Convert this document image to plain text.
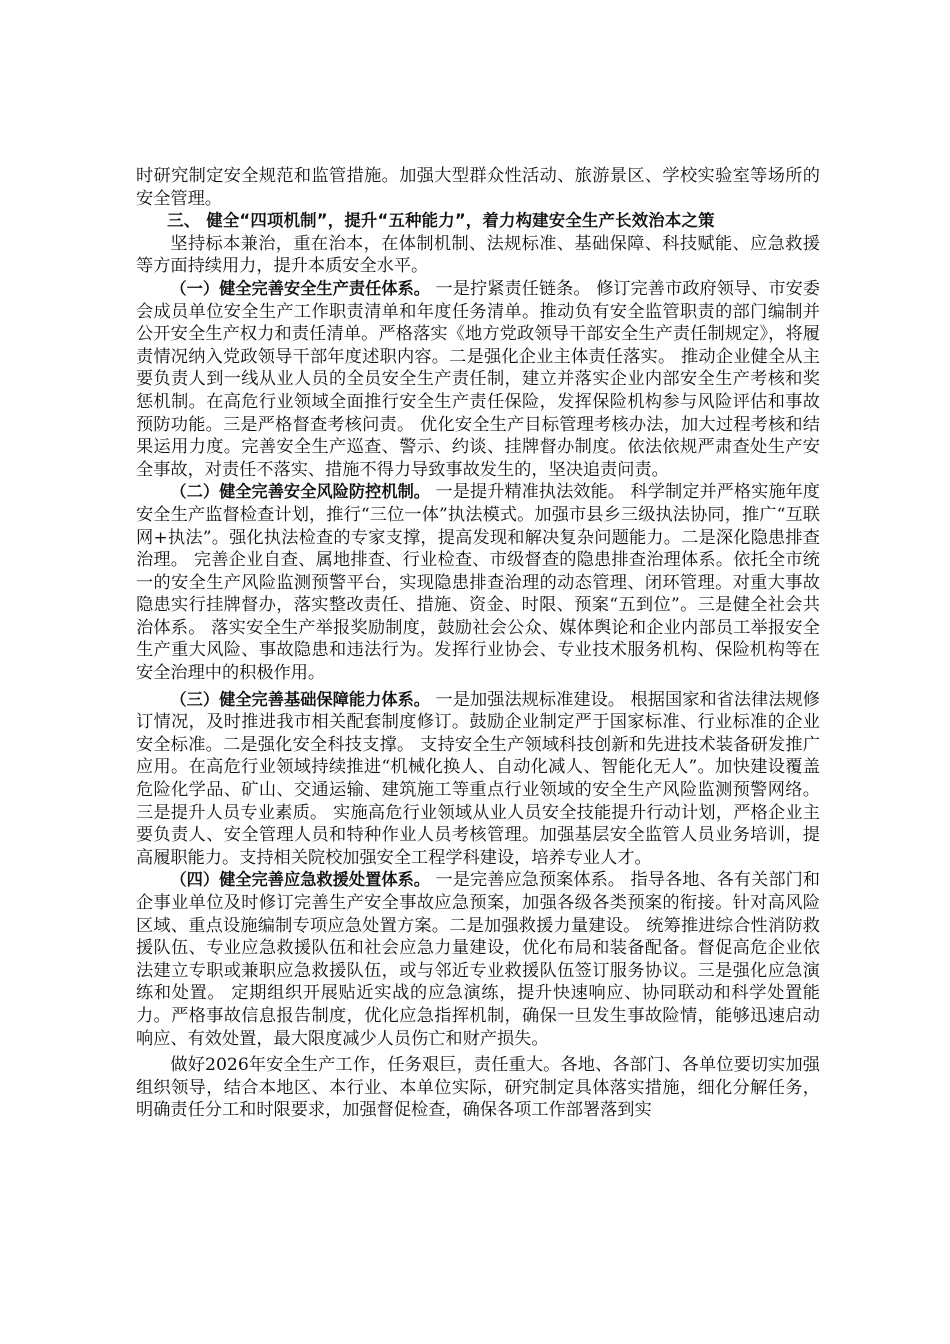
时研究制定安全规范和监管措施。加强大型群众性活动、旅游景区、学校实验室等场所的安全管理。

三、 健全“四项机制”，提升“五种能力”，着力构建安全生产长效治本之策

坚持标本兼治，重在治本，在体制机制、法规标准、基础保障、科技赋能、应急救援等方面持续用力，提升本质安全水平。

（一）健全完善安全生产责任体系。 一是拧紧责任链条。 修订完善市政府领导、市安委会成员单位安全生产工作职责清单和年度任务清单。推动负有安全监管职责的部门编制并公开安全生产权力和责任清单。严格落实《地方党政领导干部安全生产责任制规定》，将履责情况纳入党政领导干部年度述职内容。二是强化企业主体责任落实。 推动企业健全从主要负责人到一线从业人员的全员安全生产责任制，建立并落实企业内部安全生产考核和奖惩机制。在高危行业领域全面推行安全生产责任保险，发挥保险机构参与风险评估和事故预防功能。三是严格督查考核问责。 优化安全生产目标管理考核办法，加大过程考核和结果运用力度。完善安全生产巡查、警示、约谈、挂牌督办制度。依法依规严肃查处生产安全事故，对责任不落实、措施不得力导致事故发生的，坚决追责问责。

（二）健全完善安全风险防控机制。 一是提升精准执法效能。 科学制定并严格实施年度安全生产监督检查计划，推行“三位一体”执法模式。加强市县乡三级执法协同，推广“互联网+执法”。强化执法检查的专家支撑，提高发现和解决复杂问题能力。二是深化隐患排查治理。 完善企业自查、属地排查、行业检查、市级督查的隐患排查治理体系。依托全市统一的安全生产风险监测预警平台，实现隐患排查治理的动态管理、闭环管理。对重大事故隐患实行挂牌督办，落实整改责任、措施、资金、时限、预案“五到位”。三是健全社会共治体系。 落实安全生产举报奖励制度，鼓励社会公众、媒体舆论和企业内部员工举报安全生产重大风险、事故隐患和违法行为。发挥行业协会、专业技术服务机构、保险机构等在安全治理中的积极作用。

（三）健全完善基础保障能力体系。 一是加强法规标准建设。 根据国家和省法律法规修订情况，及时推进我市相关配套制度修订。鼓励企业制定严于国家标准、行业标准的企业安全标准。二是强化安全科技支撑。 支持安全生产领域科技创新和先进技术装备研发推广应用。在高危行业领域持续推进“机械化换人、自动化减人、智能化无人”。加快建设覆盖危险化学品、矿山、交通运输、建筑施工等重点行业领域的安全生产风险监测预警网络。三是提升人员专业素质。 实施高危行业领域从业人员安全技能提升行动计划，严格企业主要负责人、安全管理人员和特种作业人员考核管理。加强基层安全监管人员业务培训，提高履职能力。支持相关院校加强安全工程学科建设，培养专业人才。

（四）健全完善应急救援处置体系。 一是完善应急预案体系。 指导各地、各有关部门和企事业单位及时修订完善生产安全事故应急预案，加强各级各类预案的衔接。针对高风险区域、重点设施编制专项应急处置方案。二是加强救援力量建设。 统筹推进综合性消防救援队伍、专业应急救援队伍和社会应急力量建设，优化布局和装备配备。督促高危企业依法建立专职或兼职应急救援队伍，或与邻近专业救援队伍签订服务协议。三是强化应急演练和处置。 定期组织开展贴近实战的应急演练，提升快速响应、协同联动和科学处置能力。严格事故信息报告制度，优化应急指挥机制，确保一旦发生事故险情，能够迅速启动响应、有效处置，最大限度减少人员伤亡和财产损失。

做好2026年安全生产工作，任务艰巨，责任重大。各地、各部门、各单位要切实加强组织领导，结合本地区、本行业、本单位实际，研究制定具体落实措施，细化分解任务，明确责任分工和时限要求，加强督促检查，确保各项工作部署落到实
